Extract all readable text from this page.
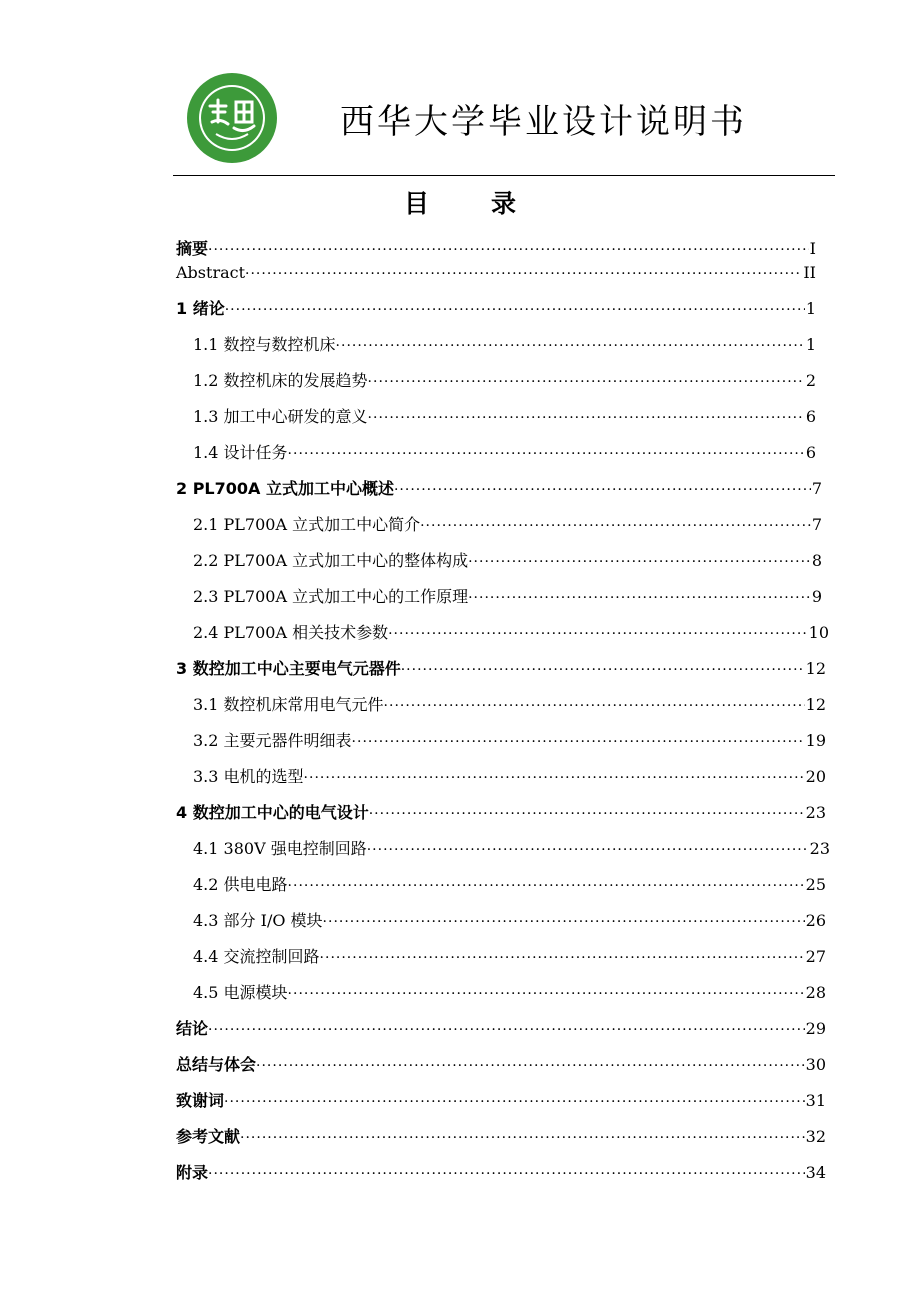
西华大学毕业设计说明书
目 录
摘要 ·····	I
Abstract ·····	II
1 绪论 ·····	1
1.1 数控与数控机床 ·····	1
1.2 数控机床的发展趋势 ·····	2
1.3 加工中心研发的意义 ·····	6
1.4 设计任务 ·····	6
2 PL700A 立式加工中心概述 ·····	7
2.1 PL700A 立式加工中心简介 ·····	7
2.2 PL700A 立式加工中心的整体构成 ·····	8
2.3 PL700A 立式加工中心的工作原理 ·····	9
2.4 PL700A 相关技术参数 ·····	10
3 数控加工中心主要电气元器件 ·····	12
3.1 数控机床常用电气元件 ·····	12
3.2 主要元器件明细表 ·····	19
3.3 电机的选型 ·····	20
4 数控加工中心的电气设计 ·····	23
4.1 380V 强电控制回路 ·····	23
4.2 供电电路 ·····	25
4.3 部分 I/O 模块 ·····	26
4.4 交流控制回路 ·····	27
4.5 电源模块 ·····	28
结论 ·····	29
总结与体会 ·····	30
致谢词 ·····	31
参考文献 ·····	32
附录 ·····	34
